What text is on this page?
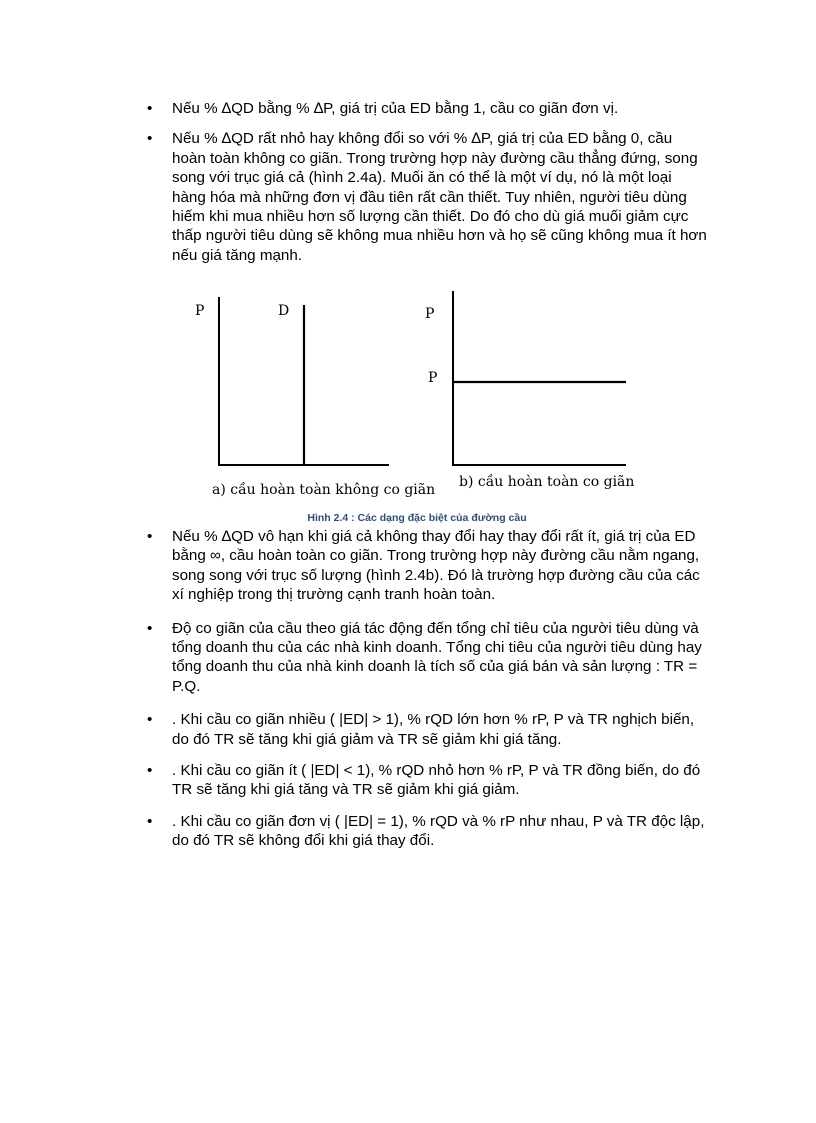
•	Nếu % ∆QD bằng % ∆P, giá trị của ED bằng 1, cầu co giãn đơn vị.
•	Nếu % ∆QD rất nhỏ hay không đổi so với % ∆P, giá trị của ED bằng 0, cầu hoàn toàn không co giãn. Trong trường hợp này đường cầu thẳng đứng, song song với trục giá cả (hình 2.4a). Muối ăn có thể là một ví dụ, nó là một loại hàng hóa mà những đơn vị đầu tiên rất cần thiết. Tuy nhiên, người tiêu dùng hiếm khi mua nhiều hơn số lượng cần thiết. Do đó cho dù giá muối giảm cực thấp người tiêu dùng sẽ không mua nhiều hơn và họ sẽ cũng không mua ít hơn nếu giá tăng mạnh.
P	D
a) cầu hoàn toàn không co giãn
P
P
b) cầu hoàn toàn co giãn
Hình 2.4 : Các dạng đặc biệt của đường cầu
•	Nếu % ∆QD vô hạn khi giá cả không thay đổi hay thay đổi rất ít, giá trị của ED bằng ∞, cầu hoàn toàn co giãn. Trong trường hợp này đường cầu nằm ngang, song song với trục số lượng (hình 2.4b). Đó là trường hợp đường cầu của các xí nghiệp trong thị trường cạnh tranh hoàn toàn.
•	Độ co giãn của cầu theo giá tác động đến tổng chỉ tiêu của người tiêu dùng và tổng doanh thu của các nhà kinh doanh. Tổng chi tiêu của người tiêu dùng hay tổng doanh thu của nhà kinh doanh là tích số của giá bán và sản lượng : TR = P.Q.
•	. Khi cầu co giãn nhiều ( |ED| > 1), % rQD lớn hơn % rP, P và TR nghịch biến, do đó TR sẽ tăng khi giá giảm và TR sẽ giảm khi giá tăng.
•	. Khi cầu co giãn ít ( |ED| < 1), % rQD nhỏ hơn % rP, P và TR đồng biến, do đó TR sẽ tăng khi giá tăng và TR sẽ giảm khi giá giảm.
•	. Khi cầu co giãn đơn vị ( |ED| = 1), % rQD và % rP như nhau, P và TR độc lập, do đó TR sẽ không đổi khi giá thay đổi.
